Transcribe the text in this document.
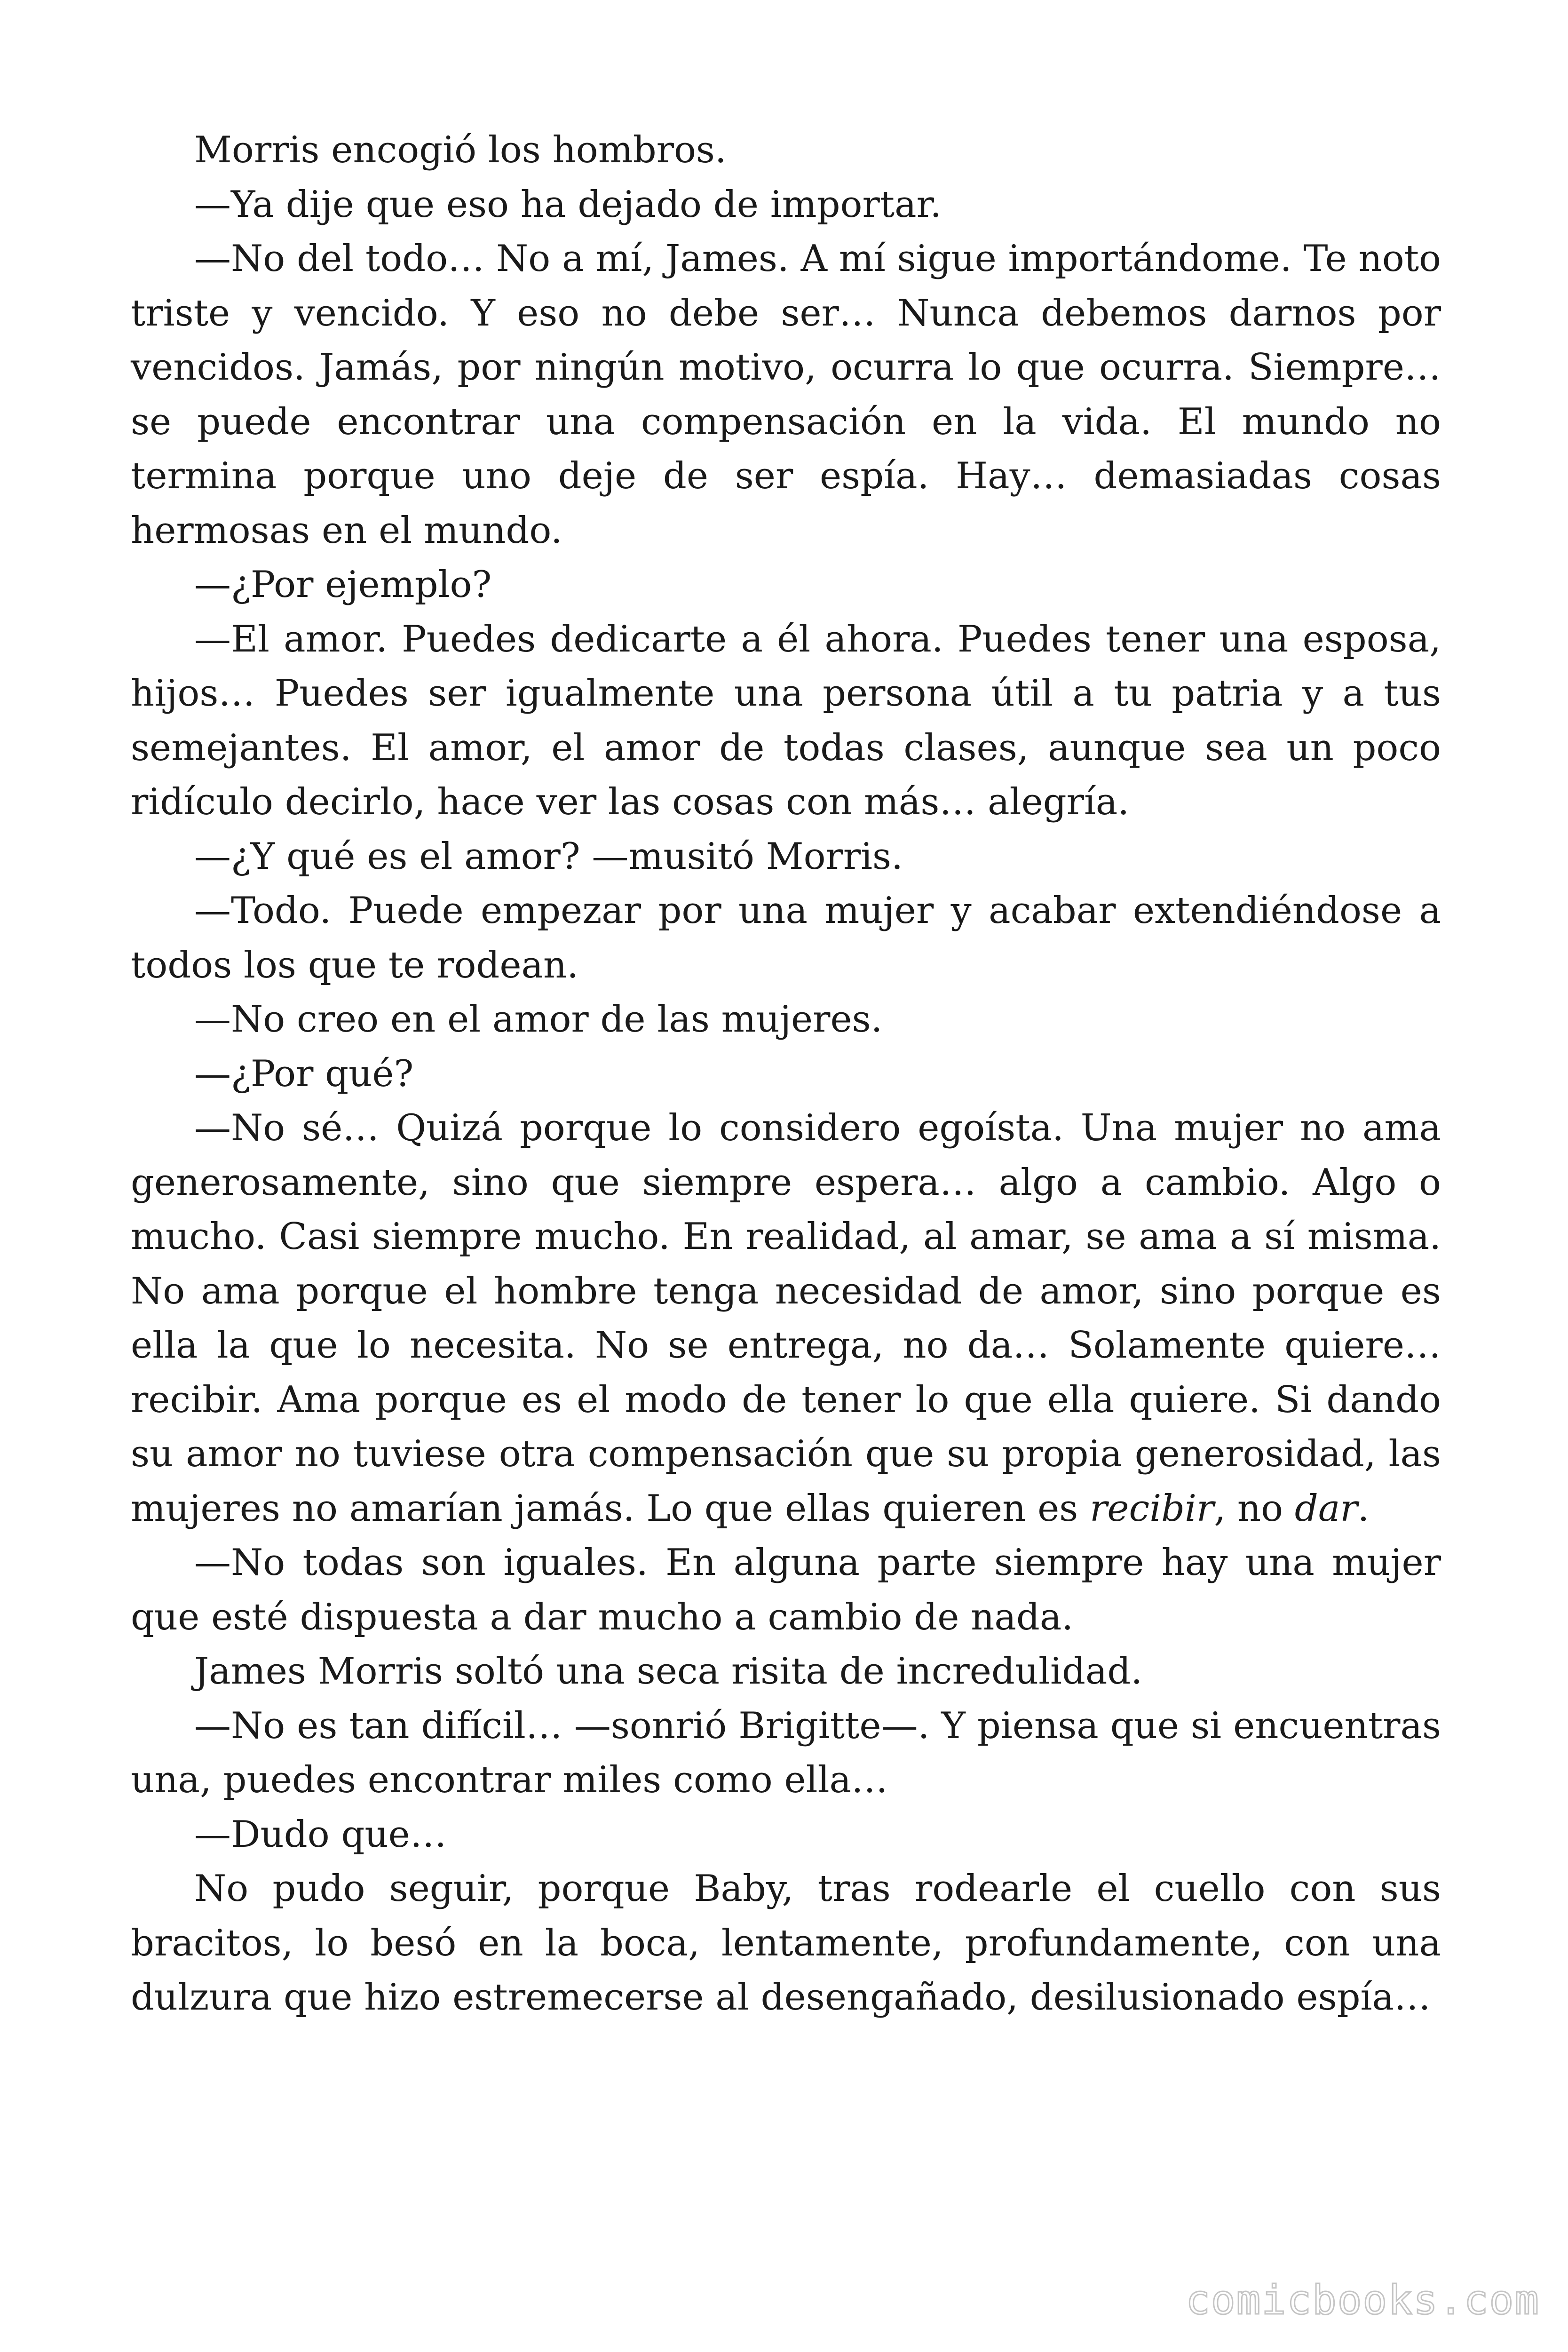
Morris encogió los hombros.

—Ya dije que eso ha dejado de importar.

—No del todo… No a mí, James. A mí sigue importándome. Te noto triste y vencido. Y eso no debe ser… Nunca debemos darnos por vencidos. Jamás, por ningún motivo, ocurra lo que ocurra. Siempre… se puede encontrar una compensación en la vida. El mundo no termina porque uno deje de ser espía. Hay… demasiadas cosas hermosas en el mundo.

—¿Por ejemplo?

—El amor. Puedes dedicarte a él ahora. Puedes tener una esposa, hijos… Puedes ser igualmente una persona útil a tu patria y a tus semejantes. El amor, el amor de todas clases, aunque sea un poco ridículo decirlo, hace ver las cosas con más… alegría.

—¿Y qué es el amor? —musitó Morris.

—Todo. Puede empezar por una mujer y acabar extendiéndose a todos los que te rodean.

—No creo en el amor de las mujeres.

—¿Por qué?

—No sé… Quizá porque lo considero egoísta. Una mujer no ama generosamente, sino que siempre espera… algo a cambio. Algo o mucho. Casi siempre mucho. En realidad, al amar, se ama a sí misma. No ama porque el hombre tenga necesidad de amor, sino porque es ella la que lo necesita. No se entrega, no da… Solamente quiere… recibir. Ama porque es el modo de tener lo que ella quiere. Si dando su amor no tuviese otra compensación que su propia generosidad, las mujeres no amarían jamás. Lo que ellas quieren es recibir, no dar.

—No todas son iguales. En alguna parte siempre hay una mujer que esté dispuesta a dar mucho a cambio de nada.

James Morris soltó una seca risita de incredulidad.

—No es tan difícil… —sonrió Brigitte—. Y piensa que si encuentras una, puedes encontrar miles como ella…

—Dudo que…

No pudo seguir, porque Baby, tras rodearle el cuello con sus bracitos, lo besó en la boca, lentamente, profundamente, con una dulzura que hizo estremecerse al desengañado, desilusionado espía…

comicbooks.com
